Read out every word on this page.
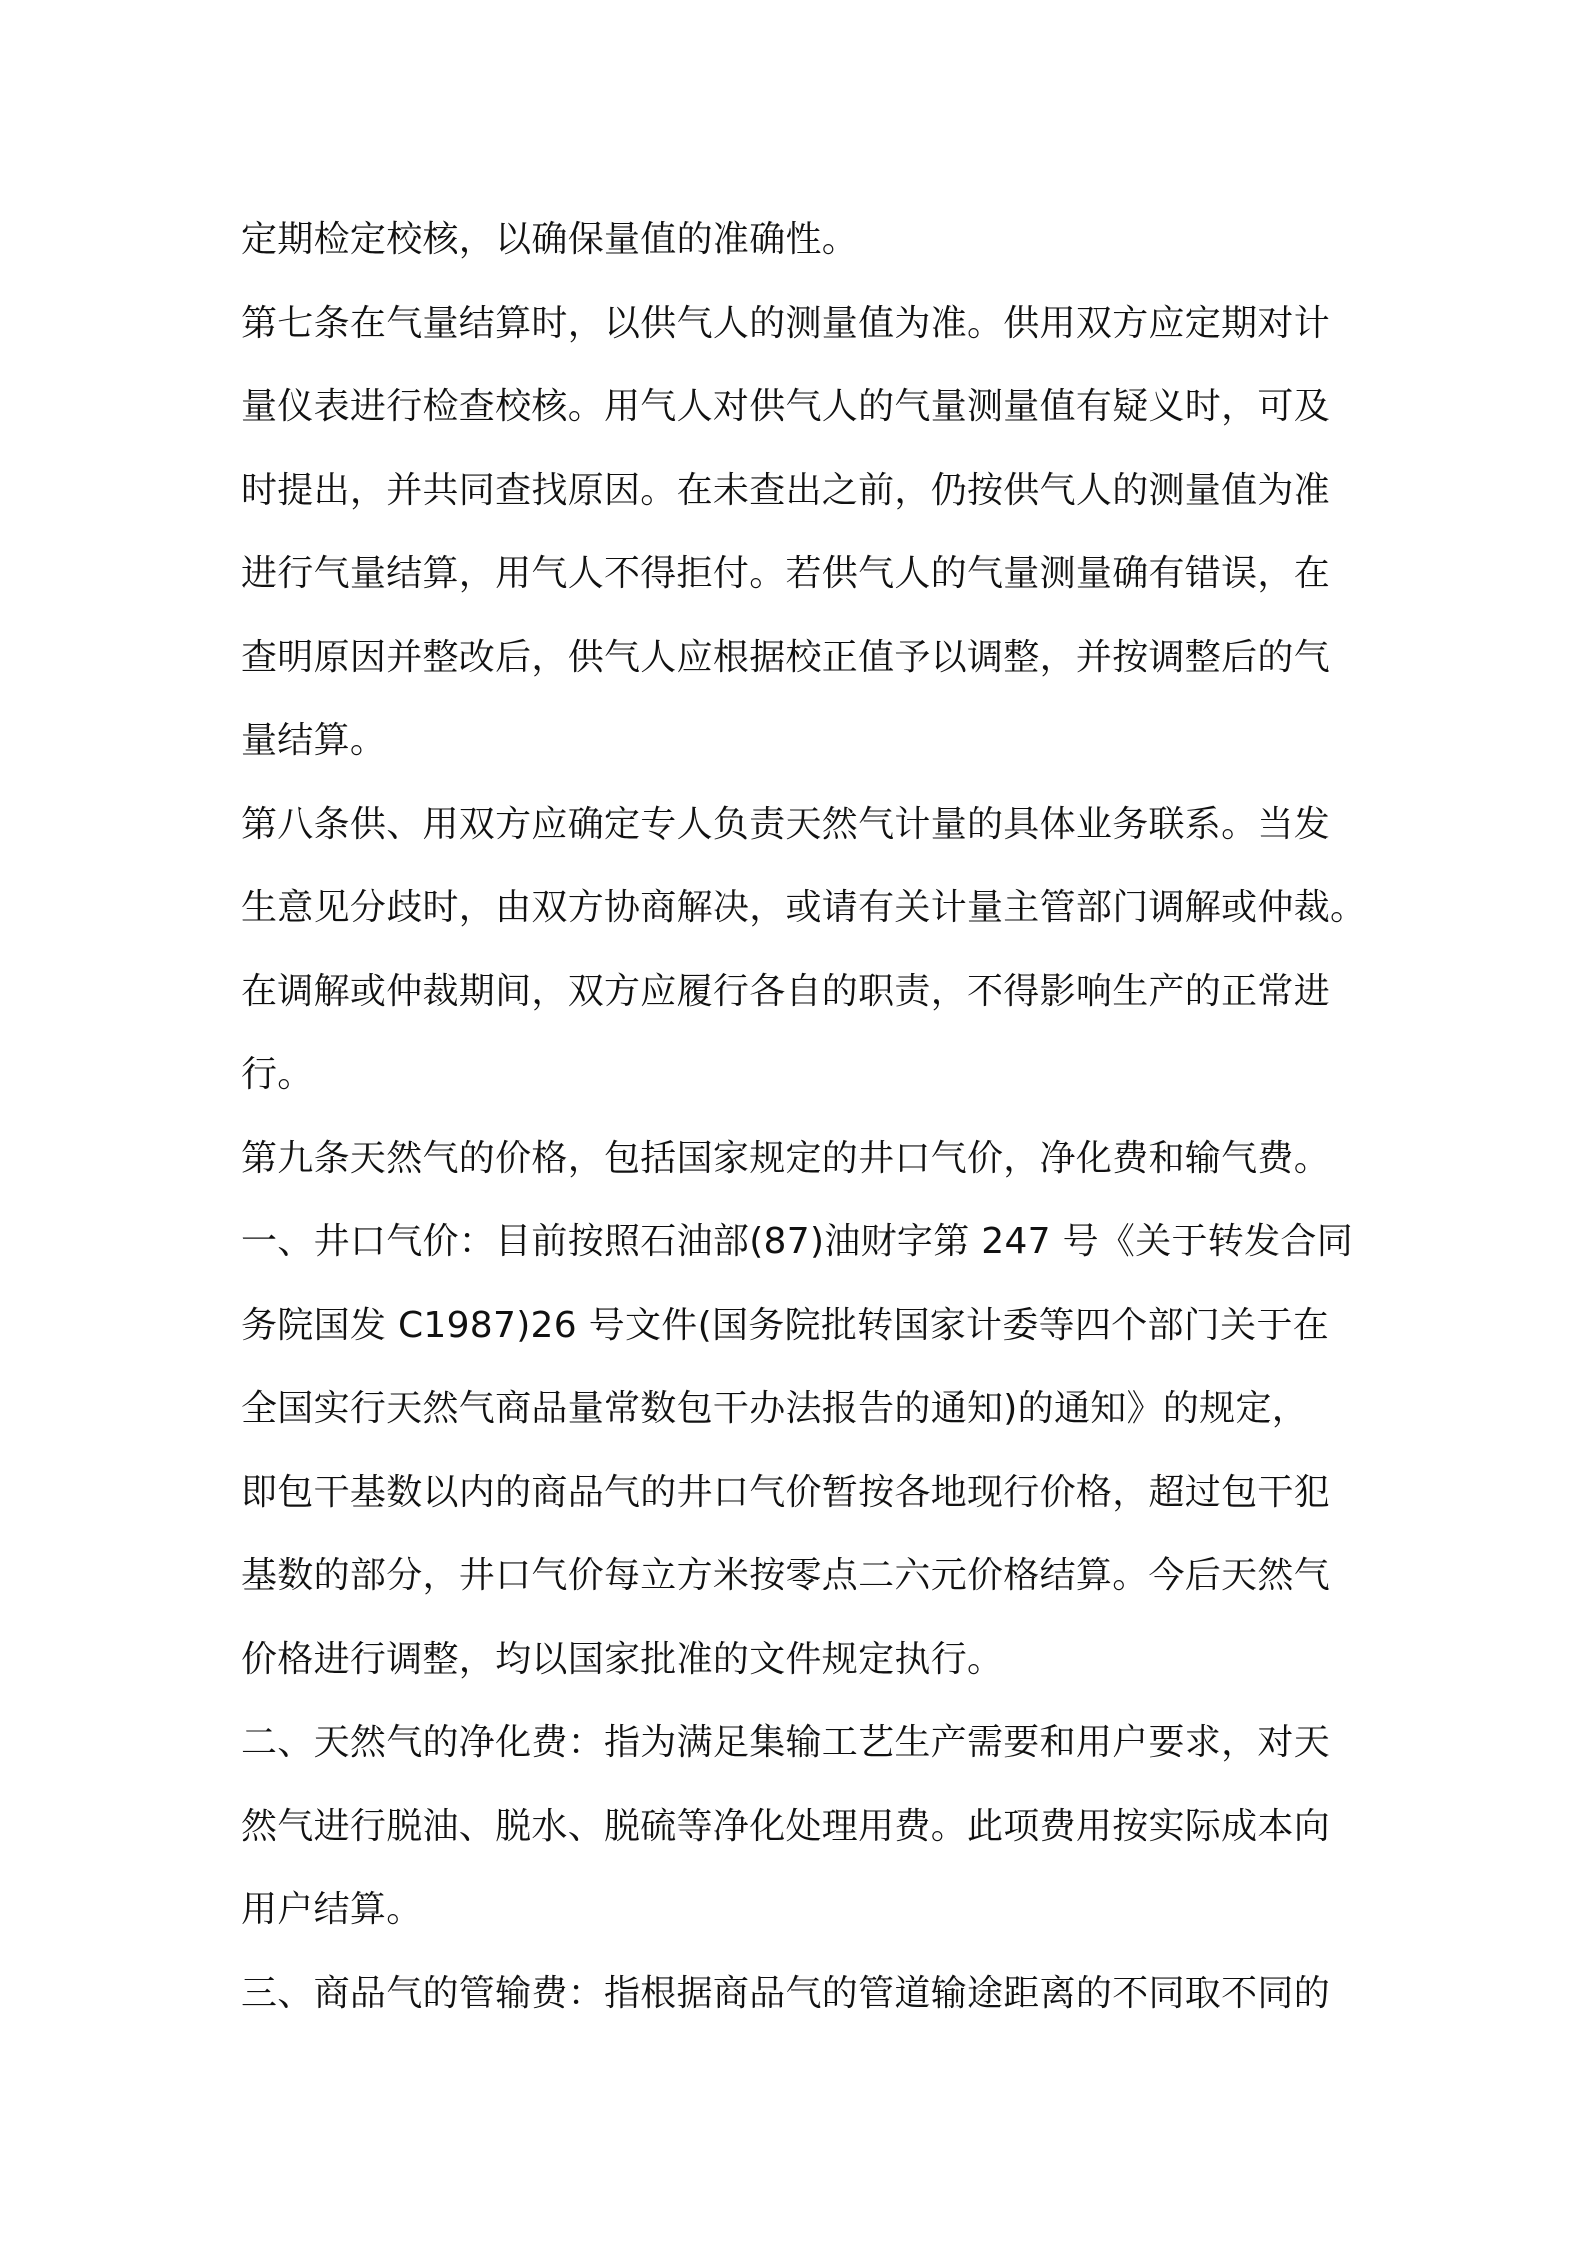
定期检定校核，以确保量值的准确性。
第七条在气量结算时，以供气人的测量值为准。供用双方应定期对计
量仪表进行检查校核。用气人对供气人的气量测量值有疑义时，可及
时提出，并共同查找原因。在未查出之前，仍按供气人的测量值为准
进行气量结算，用气人不得拒付。若供气人的气量测量确有错误，在
查明原因并整改后，供气人应根据校正值予以调整，并按调整后的气
量结算。
第八条供、用双方应确定专人负责天然气计量的具体业务联系。当发
生意见分歧时，由双方协商解决，或请有关计量主管部门调解或仲裁。
在调解或仲裁期间，双方应履行各自的职责，不得影响生产的正常进
行。
第九条天然气的价格，包括国家规定的井口气价，净化费和输气费。
一、井口气价：目前按照石油部(87)油财字第 247 号《关于转发合同
务院国发 C1987)26 号文件(国务院批转国家计委等四个部门关于在
全国实行天然气商品量常数包干办法报告的通知)的通知》的规定，
即包干基数以内的商品气的井口气价暂按各地现行价格，超过包干犯
基数的部分，井口气价每立方米按零点二六元价格结算。今后天然气
价格进行调整，均以国家批准的文件规定执行。
二、天然气的净化费：指为满足集输工艺生产需要和用户要求，对天
然气进行脱油、脱水、脱硫等净化处理用费。此项费用按实际成本向
用户结算。
三、商品气的管输费：指根据商品气的管道输途距离的不同取不同的
